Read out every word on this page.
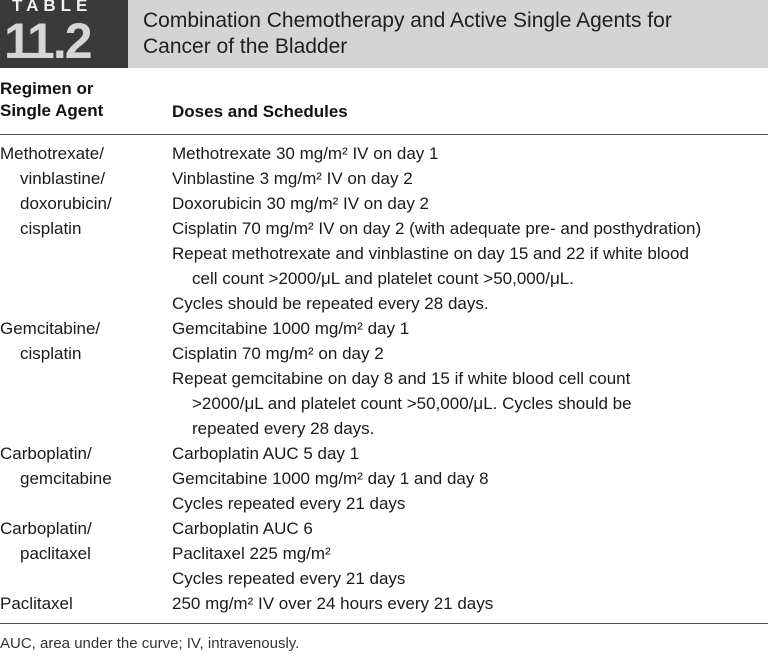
TABLE
11.2 Combination Chemotherapy and Active Single Agents for
Cancer of the Bladder
Regimen or
Single Agent	Doses and Schedules
Methotrexate/
vinblastine/
doxorubicin/
cisplatin
Methotrexate 30 mg/m² IV on day 1
Vinblastine 3 mg/m² IV on day 2
Doxorubicin 30 mg/m² IV on day 2
Cisplatin 70 mg/m² IV on day 2 (with adequate pre- and posthydration)
Repeat methotrexate and vinblastine on day 15 and 22 if white blood
cell count >2000/μL and platelet count >50,000/μL.
Cycles should be repeated every 28 days.
Gemcitabine/
cisplatin
Gemcitabine 1000 mg/m² day 1
Cisplatin 70 mg/m² on day 2
Repeat gemcitabine on day 8 and 15 if white blood cell count
>2000/μL and platelet count >50,000/μL. Cycles should be
repeated every 28 days.
Carboplatin/
gemcitabine
Carboplatin AUC 5 day 1
Gemcitabine 1000 mg/m² day 1 and day 8
Cycles repeated every 21 days
Carboplatin/
paclitaxel
Carboplatin AUC 6
Paclitaxel 225 mg/m²
Cycles repeated every 21 days
Paclitaxel	250 mg/m² IV over 24 hours every 21 days
AUC, area under the curve; IV, intravenously.
